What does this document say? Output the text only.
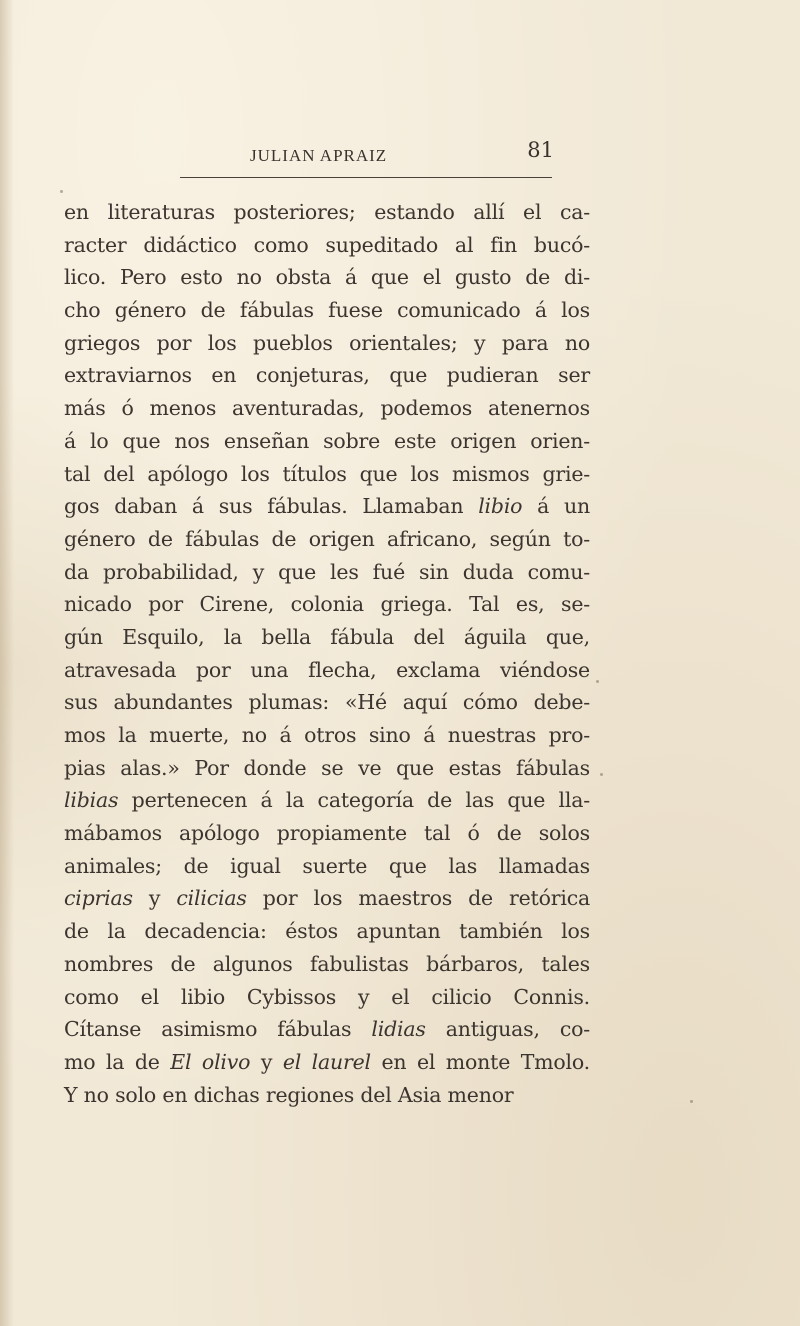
JULIAN APRAIZ	81
en literaturas posteriores; estando allí el ca-
racter didáctico como supeditado al fin bucó-
lico. Pero esto no obsta á que el gusto de di-
cho género de fábulas fuese comunicado á los
griegos por los pueblos orientales; y para no
extraviarnos en conjeturas, que pudieran ser
más ó menos aventuradas, podemos atenernos
á lo que nos enseñan sobre este origen orien-
tal del apólogo los títulos que los mismos grie-
gos daban á sus fábulas. Llamaban libio á un
género de fábulas de origen africano, según to-
da probabilidad, y que les fué sin duda comu-
nicado por Cirene, colonia griega. Tal es, se-
gún Esquilo, la bella fábula del águila que,
atravesada por una flecha, exclama viéndose
sus abundantes plumas: «Hé aquí cómo debe-
mos la muerte, no á otros sino á nuestras pro-
pias alas.» Por donde se ve que estas fábulas
libias pertenecen á la categoría de las que lla-
mábamos apólogo propiamente tal ó de solos
animales; de igual suerte que las llamadas
ciprias y cilicias por los maestros de retórica
de la decadencia: éstos apuntan también los
nombres de algunos fabulistas bárbaros, tales
como el libio Cybissos y el cilicio Connis.
Cítanse asimismo fábulas lidias antiguas, co-
mo la de El olivo y el laurel en el monte Tmolo.
Y no solo en dichas regiones del Asia menor
